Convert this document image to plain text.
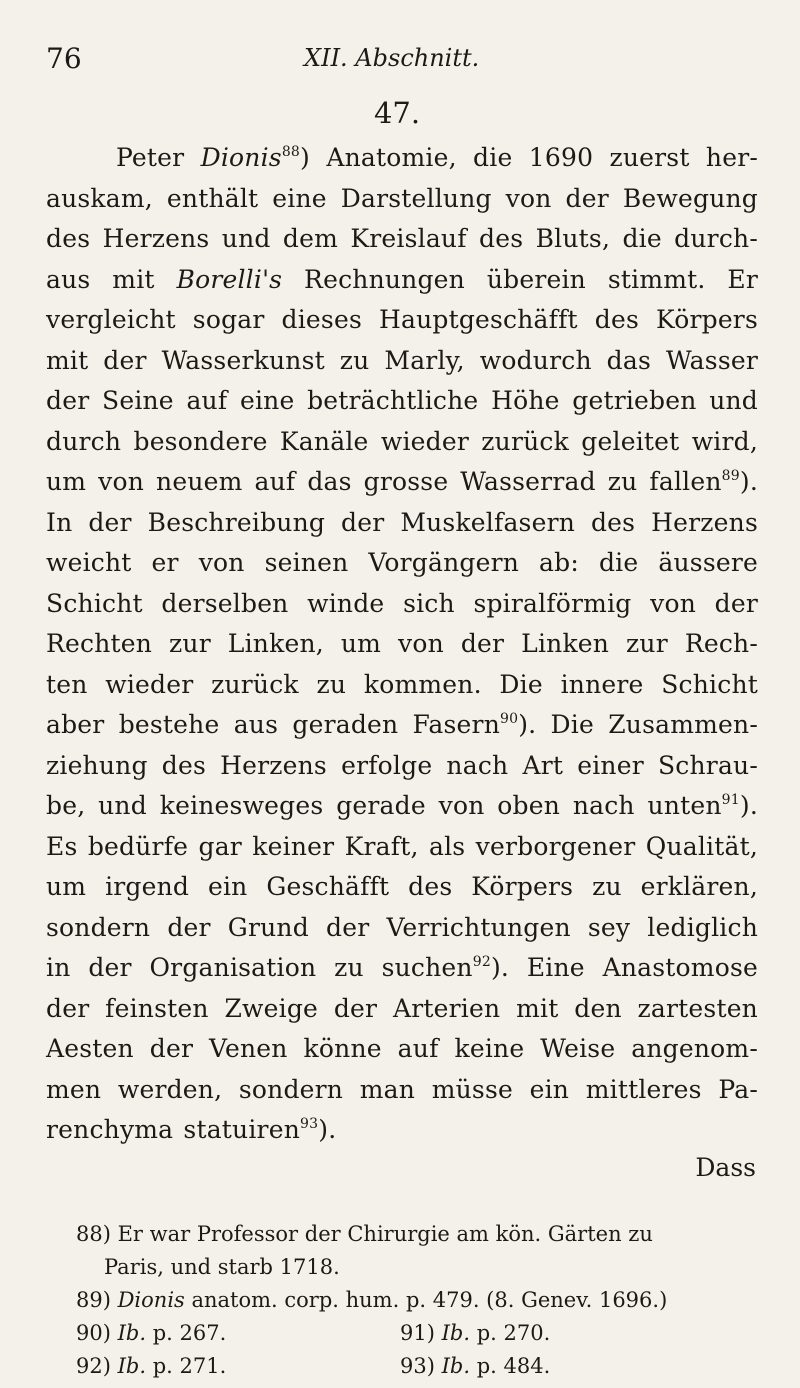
76	XII. Abschnitt.
47.
Peter Dionis$^{88}$) Anatomie, die 1690 zuerst her-
auskam, enthält eine Darstellung von der Bewegung
des Herzens und dem Kreislauf des Bluts, die durch-
aus mit Borelli's Rechnungen überein stimmt. Er
vergleicht sogar dieses Hauptgeschäfft des Körpers
mit der Wasserkunst zu Marly, wodurch das Wasser
der Seine auf eine beträchtliche Höhe getrieben und
durch besondere Kanäle wieder zurück geleitet wird,
um von neuem auf das grosse Wasserrad zu fallen$^{89}$).
In der Beschreibung der Muskelfasern des Herzens
weicht er von seinen Vorgängern ab: die äussere
Schicht derselben winde sich spiralförmig von der
Rechten zur Linken, um von der Linken zur Rech-
ten wieder zurück zu kommen. Die innere Schicht
aber bestehe aus geraden Fasern$^{90}$). Die Zusammen-
ziehung des Herzens erfolge nach Art einer Schrau-
be, und keinesweges gerade von oben nach unten$^{91}$).
Es bedürfe gar keiner Kraft, als verborgener Qualität,
um irgend ein Geschäfft des Körpers zu erklären,
sondern der Grund der Verrichtungen sey lediglich
in der Organisation zu suchen$^{92}$). Eine Anastomose
der feinsten Zweige der Arterien mit den zartesten
Aesten der Venen könne auf keine Weise angenom-
men werden, sondern man müsse ein mittleres Pa-
renchyma statuiren$^{93}$).
Dass
88) Er war Professor der Chirurgie am kön. Gärten zu
Paris, und starb 1718.
89) Dionis anatom. corp. hum. p. 479. (8. Genev. 1696.)
90) Ib. p. 267.	91) Ib. p. 270.
92) Ib. p. 271.	93) Ib. p. 484.
